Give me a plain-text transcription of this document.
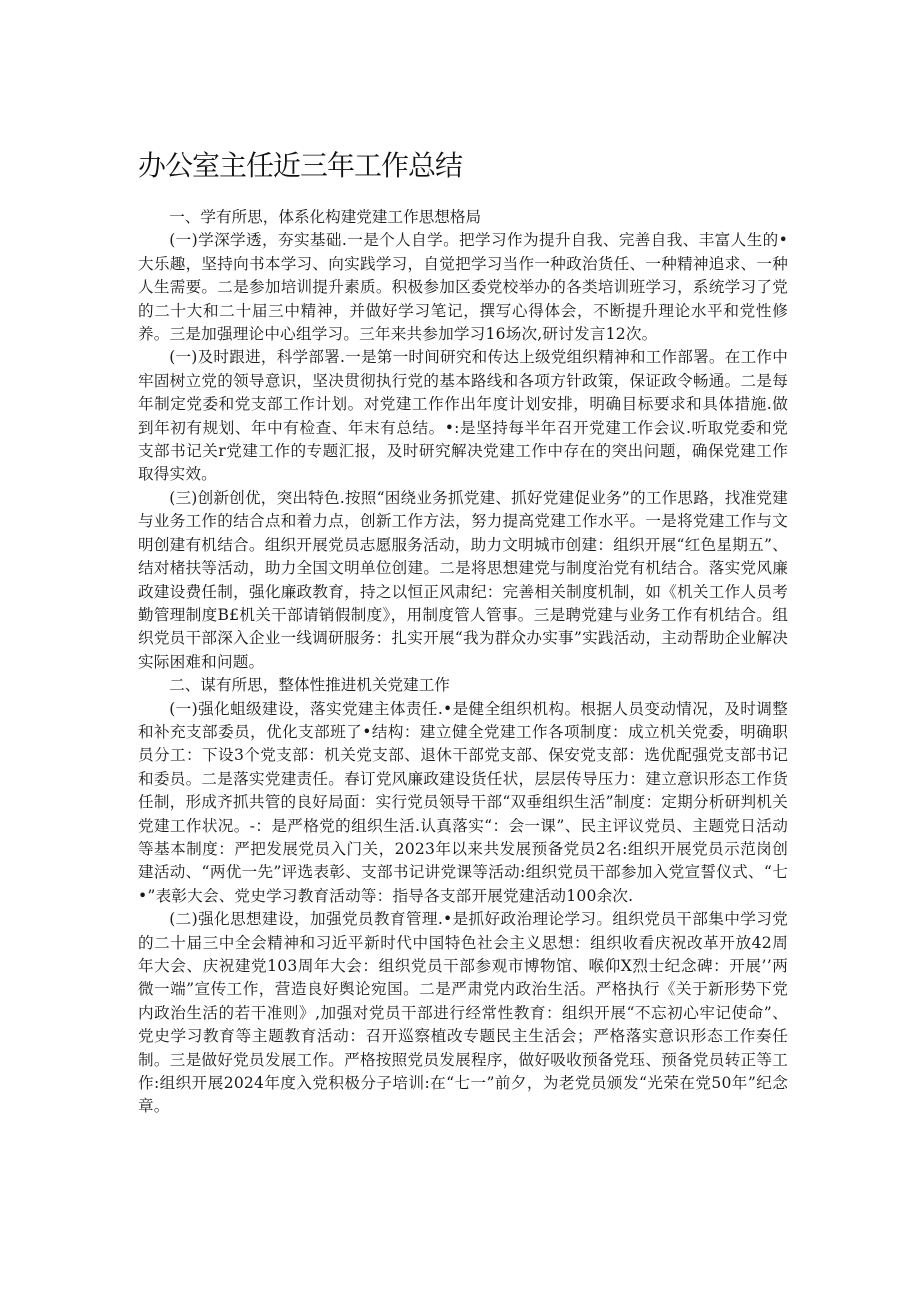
办公室主任近三年工作总结

一、学有所思，体系化构建党建工作思想格局

(一)学深学透，夯实基础.一是个人自学。把学习作为提升自我、完善自我、丰富人生的•大乐趣，坚持向书本学习、向实践学习，自觉把学习当作一种政治货任、一种精神追求、一种人生需要。二是参加培训提升素质。积极参加区委党校举办的各类培训班学习，系统学习了党的二十大和二十届三中精神，并做好学习笔记，撰写心得体会，不断提升理论水平和党性修养。三是加强理论中心组学习。三年来共参加学习16场次,研讨发言12次。

(一)及时跟进，科学部署.一是第一时间研究和传达上级党组织精神和工作部署。在工作中牢固树立党的领导意识，坚决贯彻执行党的基本路线和各项方针政策，保证政令畅通。二是每年制定党委和党支部工作计划。对党建工作作出年度计划安排，明确目标要求和具体措施.做到年初有规划、年中有检查、年末有总结。•:是坚持每半年召开党建工作会议.听取党委和党支部书记关r党建工作的专题汇报，及时研究解决党建工作中存在的突出问题，确保党建工作取得实效。

(三)创新创优，突出特色.按照“困绕业务抓党建、抓好党建促业务”的工作思路，找准党建与业务工作的结合点和着力点，创新工作方法，努力提高党建工作水平。一是将党建工作与文明创建有机结合。组织开展党员志愿服务活动，助力文明城市创建：组织开展“红色星期五”、结对楮扶等活动，助力全国文明单位创建。二是将思想建党与制度治党有机结合。落实党风廉政建设费任制，强化廉政教育，持之以恒正风肃纪：完善相关制度机制，如《机关工作人员考勤管理制度B£机关干部请销假制度》，用制度管人管事。三是聘党建与业务工作有机结合。组织党员干部深入企业一线调研服务：扎实开展“我为群众办实事”实践活动，主动帮助企业解决实际困难和问题。

二、谋有所思，整体性推进机关党建工作

(一)强化蛆级建设，落实党建主体责任.•是健全组织机构。根据人员变动情况，及时调整和补充支部委员，优化支部班了•结构：建立健全党建工作各项制度：成立机关党委，明确职员分工：下设3个党支部：机关党支部、退休干部党支部、保安党支部：选优配强党支部书记和委员。二是落实党建责任。春订党风廉政建设货任状，层层传导压力：建立意识形态工作货任制，形成齐抓共管的良好局面：实行党员领导干部“双垂组织生活”制度：定期分析研判机关党建工作状况。-：是严格党的组织生活.认真落实“：会一课”、民主评议党员、主题党日活动等基本制度：严把发展党员入门关，2023年以来共发展预备党员2名:组织开展党员示范岗创建活动、“两优一先”评选表彰、支部书记讲党课等活动:组织党员干部参加入党宣誓仪式、“七•”表彰大会、党史学习教育活动等：指导各支部开展党建活动100余次.

(二)强化思想建设，加强党员教育管理.•是抓好政治理论学习。组织党员干部集中学习党的二十届三中全会精神和习近平新时代中国特色社会主义思想：组织收看庆祝改革开放42周年大会、庆祝建党103周年大会：组织党员干部参观市博物馆、喉仰X烈士纪念碑：开展’’两微一端”宣传工作，营造良好舆论宛国。二是严肃党内政治生活。严格执行《关于新形势下党内政治生活的若干准则》,加强对党员干部进行经常性教育：组织开展“不忘初心牢记使命”、党史学习教育等主题教育活动：召开巡察植改专题民主生活会；严格落实意识形态工作奏任制。三是做好党员发展工作。严格按照党员发展程序，做好吸收预备党珏、预备党员转正等工作:组织开展2024年度入党积极分子培训:在“七一”前夕，为老党员颁发“光荣在党50年”纪念章。
